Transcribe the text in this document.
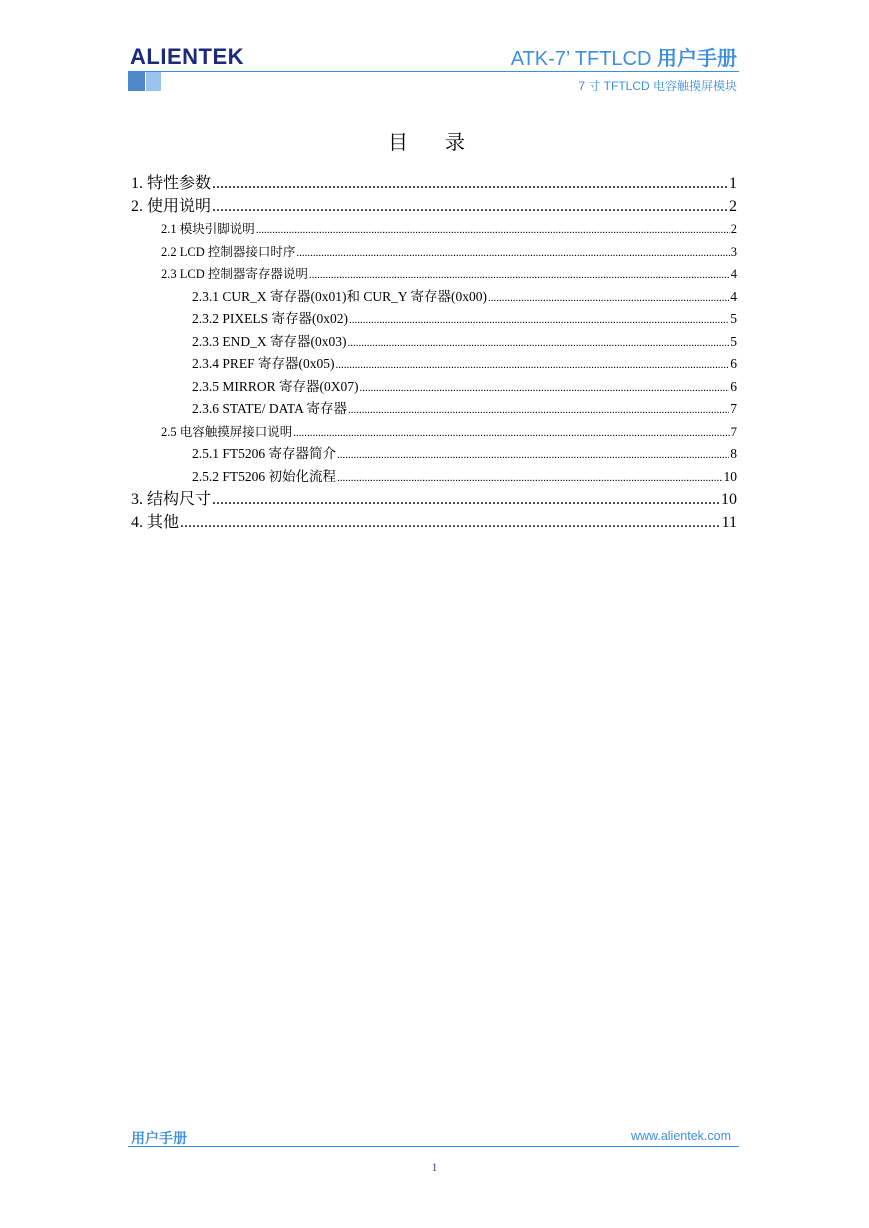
ALIENTEK	ATK-7’ TFTLCD 用户手册
7 寸 TFTLCD 电容触摸屏模块
目 录
1. 特性参数 .....	1
2. 使用说明 .....	2
2.1 模块引脚说明 .....	2
2.2 LCD 控制器接口时序 .....	3
2.3 LCD 控制器寄存器说明 .....	4
2.3.1 CUR_X 寄存器(0x01)和 CUR_Y 寄存器(0x00) .....	4
2.3.2 PIXELS 寄存器(0x02) .....	5
2.3.3 END_X 寄存器(0x03) .....	5
2.3.4 PREF 寄存器(0x05) .....	6
2.3.5 MIRROR 寄存器(0X07) .....	6
2.3.6 STATE/ DATA 寄存器 .....	7
2.5 电容触摸屏接口说明 .....	7
2.5.1 FT5206 寄存器简介 .....	8
2.5.2 FT5206 初始化流程 .....	10
3. 结构尺寸 .....	10
4. 其他 .....	11
用户手册	www.alientek.com
1
